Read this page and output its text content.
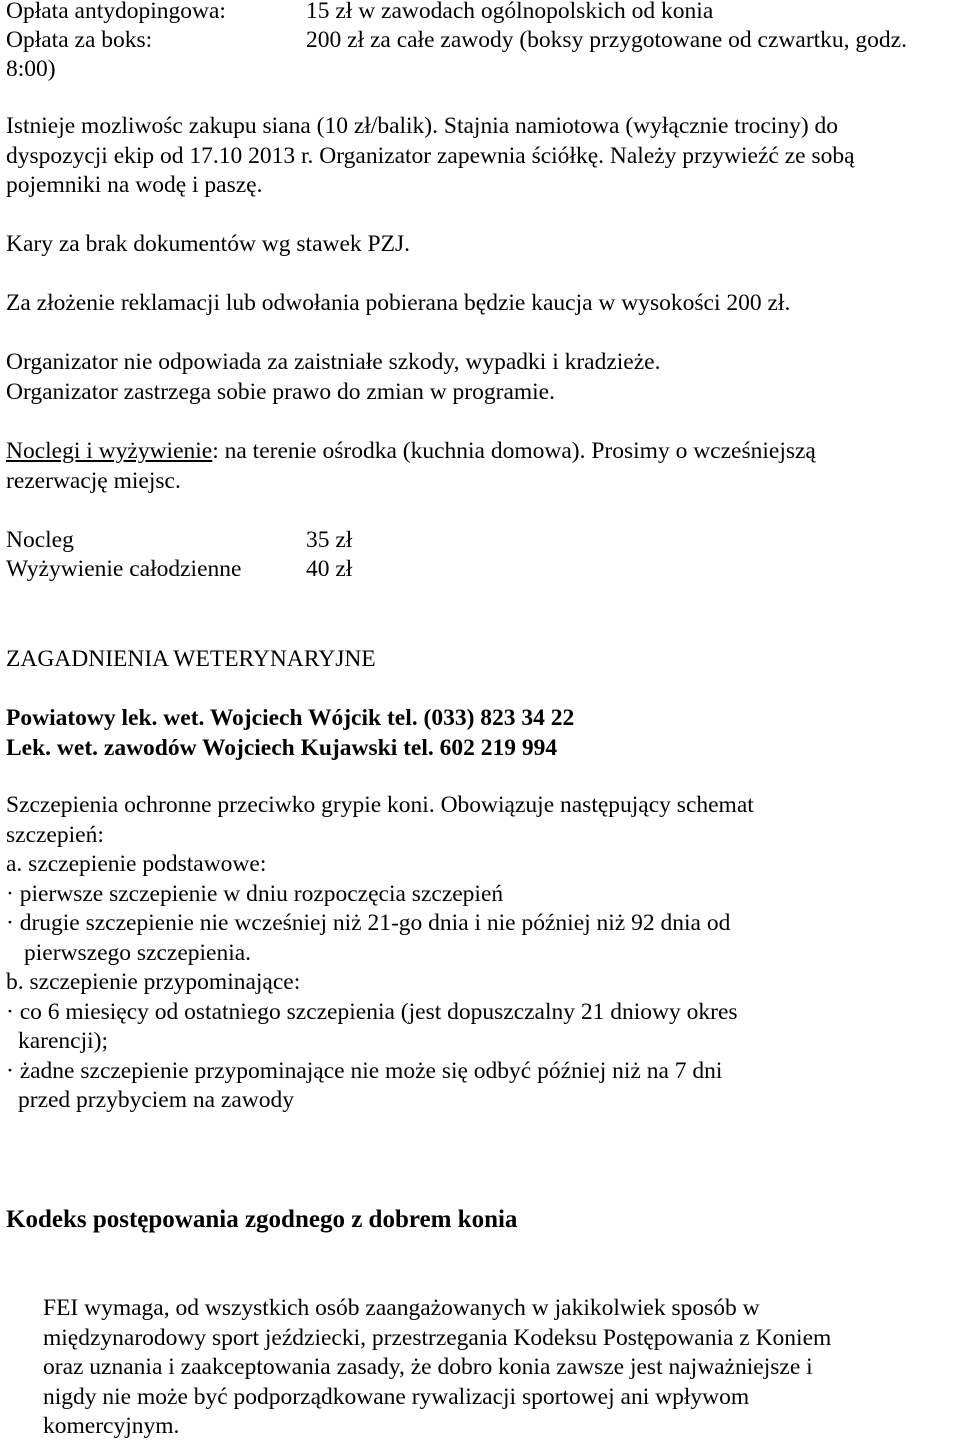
Opłata antydopingowa:	15 zł w zawodach ogólnopolskich od konia
Opłata za boks:	200 zł za całe zawody (boksy przygotowane od czwartku, godz.
8:00)
Istnieje mozliwośc zakupu siana (10 zł/balik). Stajnia namiotowa (wyłącznie trociny) do
dyspozycji ekip od 17.10 2013 r. Organizator zapewnia ściółkę. Należy przywieźć ze sobą
pojemniki na wodę i paszę.
Kary za brak dokumentów wg stawek PZJ.
Za złożenie reklamacji lub odwołania pobierana będzie kaucja w wysokości 200 zł.
Organizator nie odpowiada za zaistniałe szkody, wypadki i kradzieże.
Organizator zastrzega sobie prawo do zmian w programie.
Noclegi i wyżywienie: na terenie ośrodka (kuchnia domowa). Prosimy o wcześniejszą
rezerwację miejsc.
Nocleg	35 zł
Wyżywienie całodzienne	40 zł
ZAGADNIENIA WETERYNARYJNE
Powiatowy lek. wet. Wojciech Wójcik tel. (033) 823 34 22
Lek. wet. zawodów Wojciech Kujawski tel. 602 219 994
Szczepienia ochronne przeciwko grypie koni. Obowiązuje następujący schemat
szczepień:
a. szczepienie podstawowe:
· pierwsze szczepienie w dniu rozpoczęcia szczepień
· drugie szczepienie nie wcześniej niż 21-go dnia i nie później niż 92 dnia od
pierwszego szczepienia.
b. szczepienie przypominające:
· co 6 miesięcy od ostatniego szczepienia (jest dopuszczalny 21 dniowy okres
karencji);
· żadne szczepienie przypominające nie może się odbyć później niż na 7 dni
przed przybyciem na zawody
Kodeks postępowania zgodnego z dobrem konia
FEI wymaga, od wszystkich osób zaangażowanych w jakikolwiek sposób w
międzynarodowy sport jeździecki, przestrzegania Kodeksu Postępowania z Koniem
oraz uznania i zaakceptowania zasady, że dobro konia zawsze jest najważniejsze i
nigdy nie może być podporządkowane rywalizacji sportowej ani wpływom
komercyjnym.
